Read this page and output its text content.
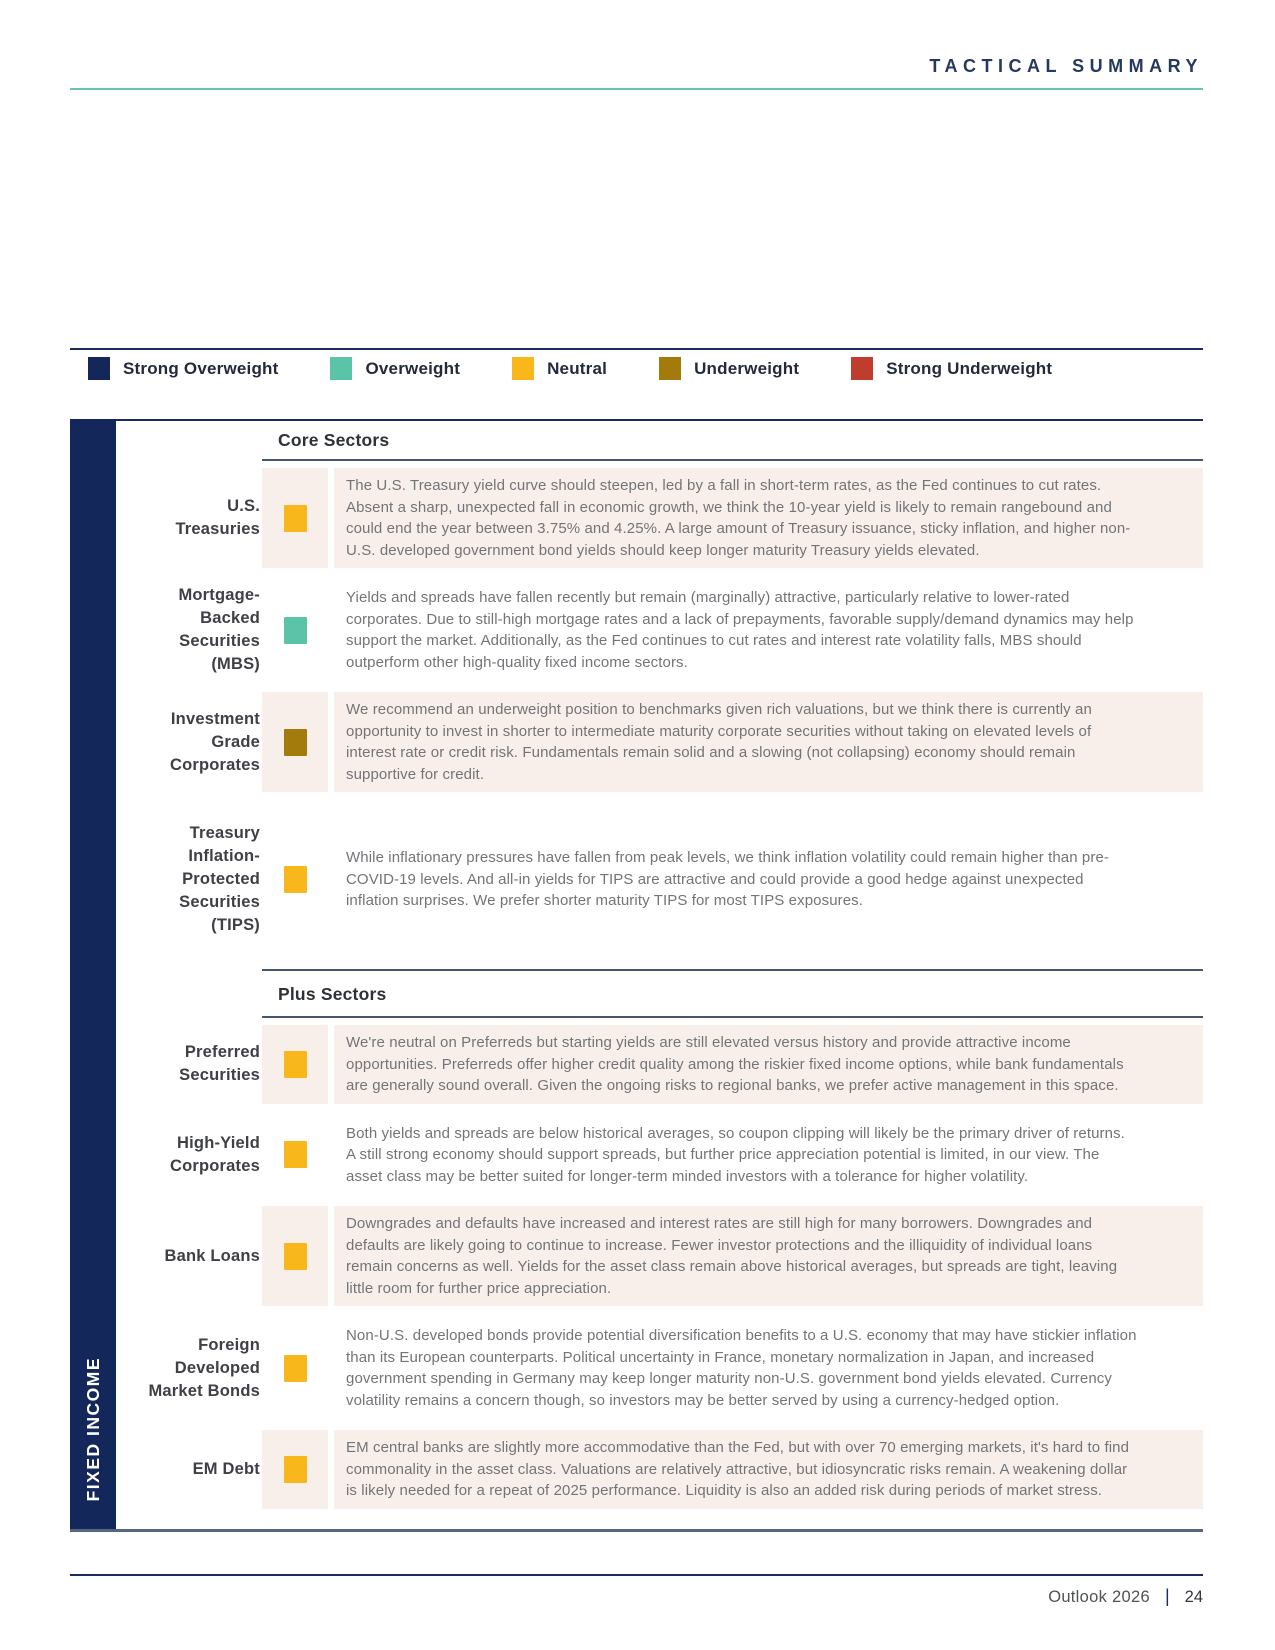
TACTICAL SUMMARY
Strong Overweight	Overweight	Neutral	Underweight	Strong Underweight
FIXED INCOME
Core Sectors
U.S. Treasuries
The U.S. Treasury yield curve should steepen, led by a fall in short-term rates, as the Fed continues to cut rates. Absent a sharp, unexpected fall in economic growth, we think the 10-year yield is likely to remain rangebound and could end the year between 3.75% and 4.25%. A large amount of Treasury issuance, sticky inflation, and higher non-U.S. developed government bond yields should keep longer maturity Treasury yields elevated.
Mortgage-Backed Securities (MBS)
Yields and spreads have fallen recently but remain (marginally) attractive, particularly relative to lower-rated corporates. Due to still-high mortgage rates and a lack of prepayments, favorable supply/demand dynamics may help support the market. Additionally, as the Fed continues to cut rates and interest rate volatility falls, MBS should outperform other high-quality fixed income sectors.
Investment Grade Corporates
We recommend an underweight position to benchmarks given rich valuations, but we think there is currently an opportunity to invest in shorter to intermediate maturity corporate securities without taking on elevated levels of interest rate or credit risk. Fundamentals remain solid and a slowing (not collapsing) economy should remain supportive for credit.
Treasury Inflation-Protected Securities (TIPS)
While inflationary pressures have fallen from peak levels, we think inflation volatility could remain higher than pre-COVID-19 levels. And all-in yields for TIPS are attractive and could provide a good hedge against unexpected inflation surprises. We prefer shorter maturity TIPS for most TIPS exposures.
Plus Sectors
Preferred Securities
We're neutral on Preferreds but starting yields are still elevated versus history and provide attractive income opportunities. Preferreds offer higher credit quality among the riskier fixed income options, while bank fundamentals are generally sound overall. Given the ongoing risks to regional banks, we prefer active management in this space.
High-Yield Corporates
Both yields and spreads are below historical averages, so coupon clipping will likely be the primary driver of returns. A still strong economy should support spreads, but further price appreciation potential is limited, in our view. The asset class may be better suited for longer-term minded investors with a tolerance for higher volatility.
Bank Loans
Downgrades and defaults have increased and interest rates are still high for many borrowers. Downgrades and defaults are likely going to continue to increase. Fewer investor protections and the illiquidity of individual loans remain concerns as well. Yields for the asset class remain above historical averages, but spreads are tight, leaving little room for further price appreciation.
Foreign Developed Market Bonds
Non-U.S. developed bonds provide potential diversification benefits to a U.S. economy that may have stickier inflation than its European counterparts. Political uncertainty in France, monetary normalization in Japan, and increased government spending in Germany may keep longer maturity non-U.S. government bond yields elevated. Currency volatility remains a concern though, so investors may be better served by using a currency-hedged option.
EM Debt
EM central banks are slightly more accommodative than the Fed, but with over 70 emerging markets, it's hard to find commonality in the asset class. Valuations are relatively attractive, but idiosyncratic risks remain. A weakening dollar is likely needed for a repeat of 2025 performance. Liquidity is also an added risk during periods of market stress.
Outlook 2026 | 24
